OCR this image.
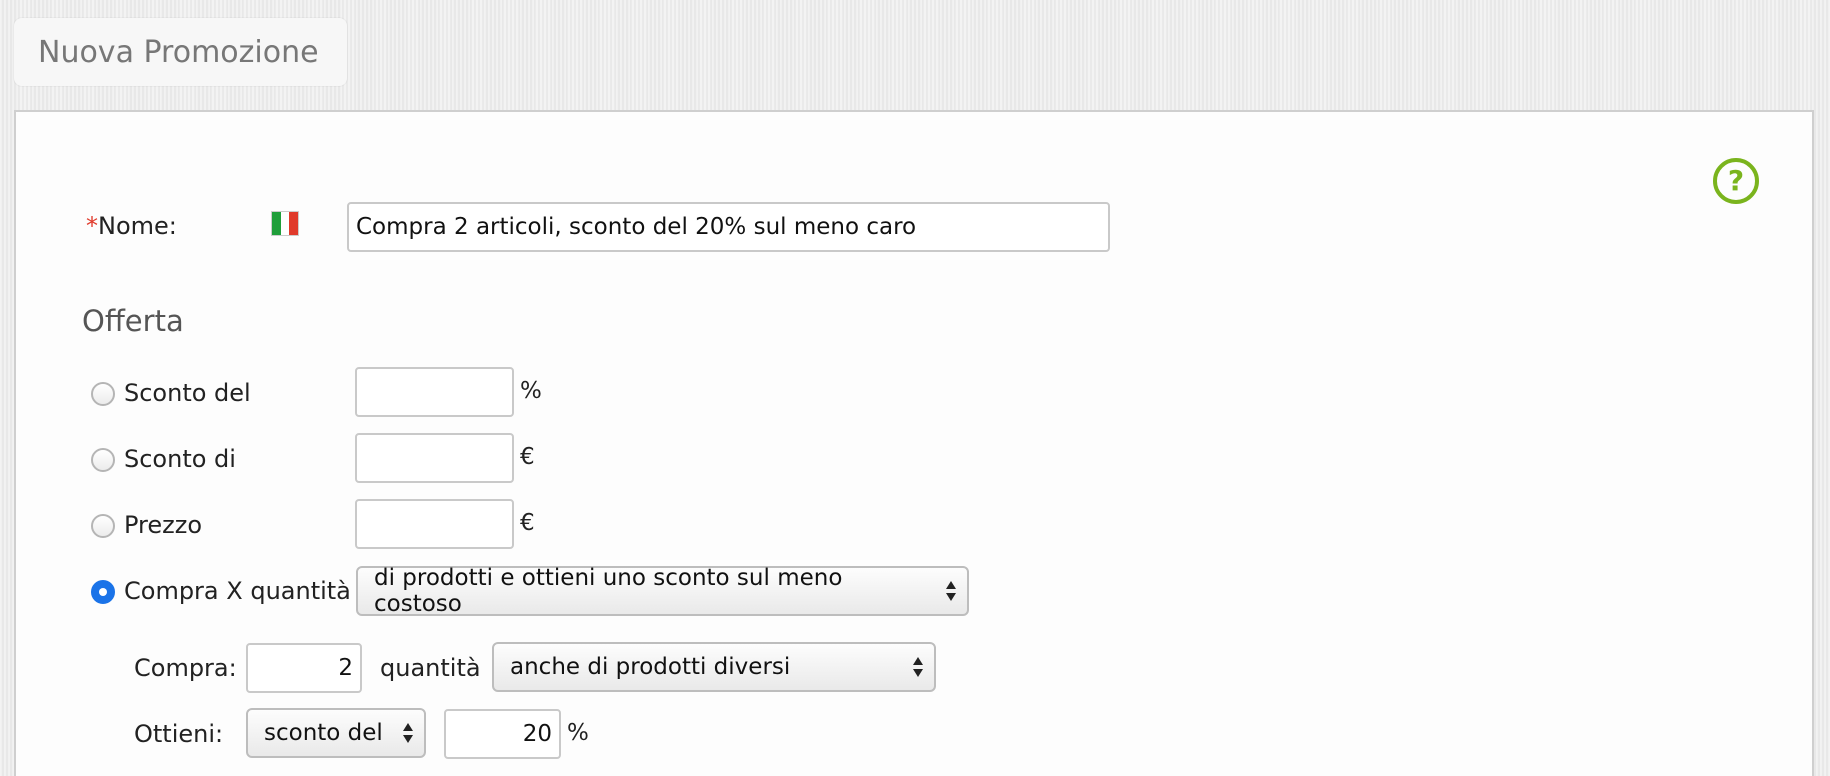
Nuova Promozione
?
*Nome:	Compra 2 articoli, sconto del 20% sul meno caro
Offerta
Sconto del	%
Sconto di	€
Prezzo	€
Compra X quantità di prodotti e ottieni uno sconto sul meno costoso
Compra:	2 quantità anche di prodotti diversi
Ottieni: sconto del	20 %
